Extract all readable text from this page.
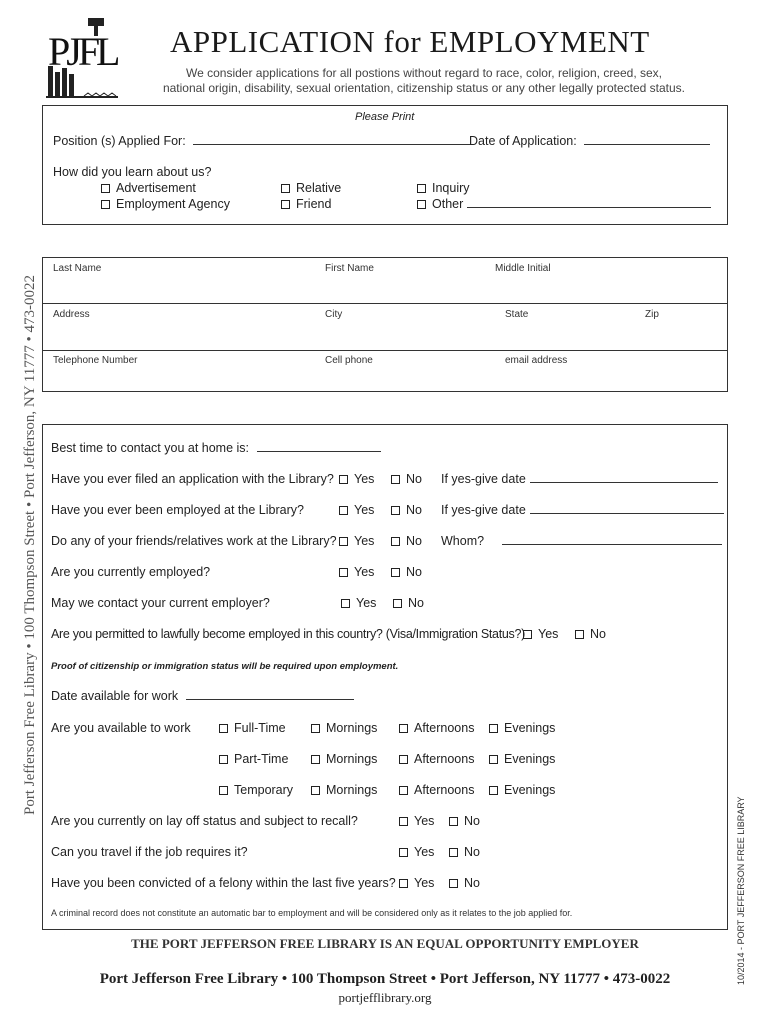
PJFL APPLICATION for EMPLOYMENT
We consider applications for all postions without regard to race, color, religion, creed, sex,
national origin, disability, sexual orientation, citizenship status or any other legally protected status.
Port Jefferson Free Library • 100 Thompson Street • Port Jefferson, NY 11777 • 473-0022
10/2014 - PORT JEFFERSON FREE LIBRARY
Please Print
Position (s) Applied For:	Date of Application:
How did you learn about us?
Advertisement	Relative	Inquiry
Employment Agency	Friend	Other
Last Name	First Name	Middle Initial
Address	City	State	Zip
Telephone Number	Cell phone	email address
Best time to contact you at home is:
Have you ever filed an application with the Library?	Yes	No If yes-give date
Have you ever been employed at the Library?	Yes	No If yes-give date
Do any of your friends/relatives work at the Library?	Yes	No Whom?
Are you currently employed?	Yes	No
May we contact your current employer?	Yes	No
Are you permitted to lawfully become employed in this country? (Visa/Immigration Status?)	Yes	No
Proof of citizenship or immigration status will be required upon employment.
Date available for work
Are you available to work	Full-Time	Mornings	Afternoons	Evenings
Part-Time	Mornings	Afternoons	Evenings
Temporary	Mornings	Afternoons	Evenings
Are you currently on lay off status and subject to recall?	Yes	No
Can you travel if the job requires it?	Yes	No
Have you been convicted of a felony within the last five years?	Yes	No
A criminal record does not constitute an automatic bar to employment and will be considered only as it relates to the job applied for.
THE PORT JEFFERSON FREE LIBRARY IS AN EQUAL OPPORTUNITY EMPLOYER
Port Jefferson Free Library • 100 Thompson Street • Port Jefferson, NY 11777 • 473-0022
portjefflibrary.org
